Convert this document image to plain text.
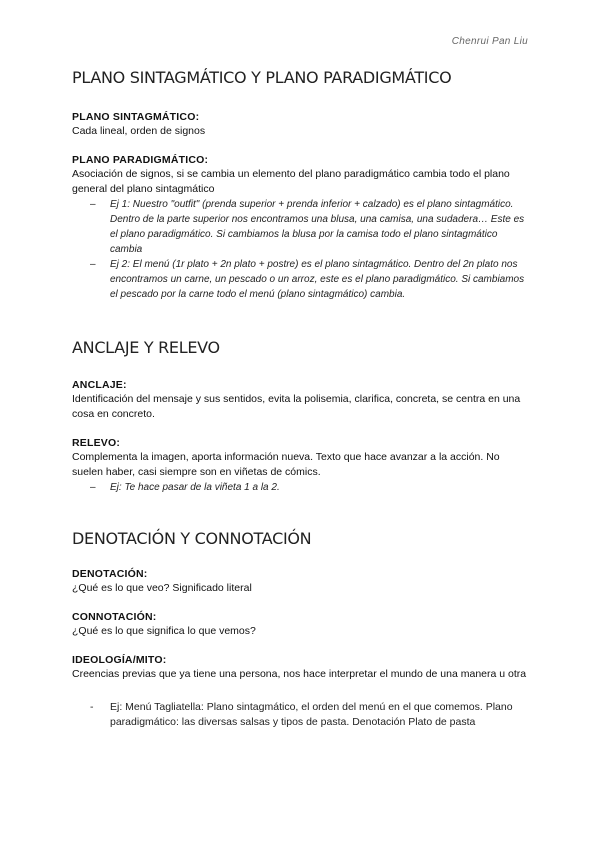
Chenrui Pan Liu
PLANO SINTAGMÁTICO Y PLANO PARADIGMÁTICO
PLANO SINTAGMÁTICO:

Cada lineal, orden de signos

PLANO PARADIGMÁTICO:

Asociación de signos, si se cambia un elemento del plano paradigmático cambia todo el plano general del plano sintagmático

– Ej 1: Nuestro "outfit" (prenda superior + prenda inferior + calzado) es el plano sintagmático. Dentro de la parte superior nos encontramos una blusa, una camisa, una sudadera… Este es el plano paradigmático. Si cambiamos la blusa por la camisa todo el plano sintagmático cambia
– Ej 2: El menú (1r plato + 2n plato + postre) es el plano sintagmático. Dentro del 2n plato nos encontramos un carne, un pescado o un arroz, este es el plano paradigmático. Si cambiamos el pescado por la carne todo el menú (plano sintagmático) cambia.
ANCLAJE Y RELEVO
ANCLAJE:

Identificación del mensaje y sus sentidos, evita la polisemia, clarifica, concreta, se centra en una cosa en concreto.

RELEVO:

Complementa la imagen, aporta información nueva. Texto que hace avanzar a la acción. No suelen haber, casi siempre son en viñetas de cómics.

– Ej: Te hace pasar de la viñeta 1 a la 2.
DENOTACIÓN Y CONNOTACIÓN
DENOTACIÓN:

¿Qué es lo que veo? Significado literal

CONNOTACIÓN:

¿Qué es lo que significa lo que vemos?

IDEOLOGÍA/MITO:

Creencias previas que ya tiene una persona, nos hace interpretar el mundo de una manera u otra

- Ej: Menú Tagliatella: Plano sintagmático, el orden del menú en el que comemos. Plano paradigmático: las diversas salsas y tipos de pasta. Denotación Plato de pasta
